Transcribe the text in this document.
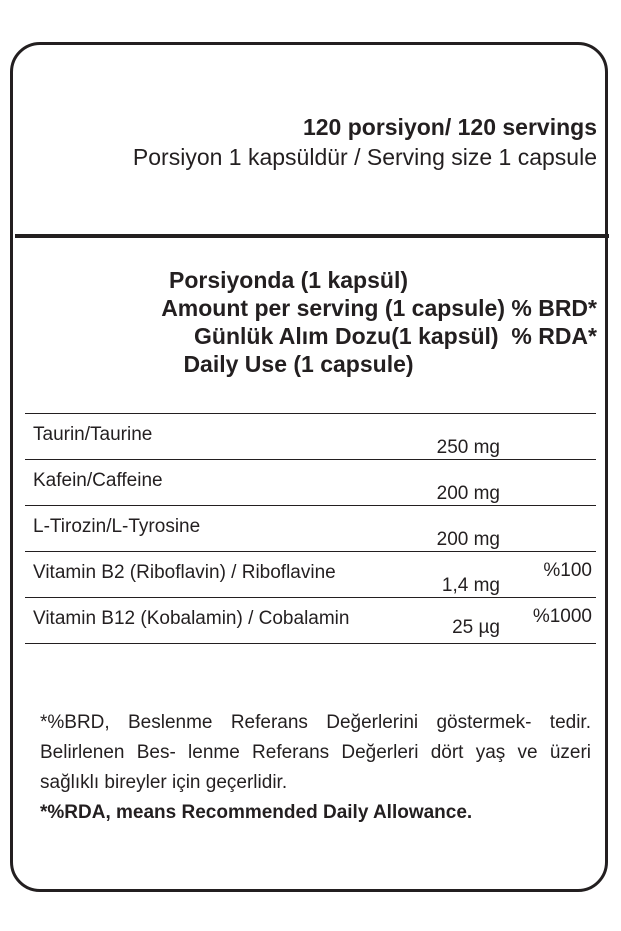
120 porsiyon/ 120 servings
Porsiyon 1 kapsüldür / Serving size 1 capsule
Porsiyonda (1 kapsül)
Amount per serving (1 capsule) % BRD*
Günlük Alım Dozu(1 kapsül)  % RDA*
Daily Use (1 capsule)
Taurin/Taurine
250 mg
Kafein/Caffeine
200 mg
L-Tirozin/L-Tyrosine
200 mg
Vitamin B2 (Riboflavin) / Riboflavine
1,4 mg
%100
Vitamin B12 (Kobalamin) / Cobalamin	25 µg
%1000
*%BRD, Beslenme Referans Değerlerini göstermek- tedir. Belirlenen Bes- lenme Referans Değerleri dört yaş ve üzeri sağlıklı bireyler için geçerlidir.
*%RDA, means Recommended Daily Allowance.
